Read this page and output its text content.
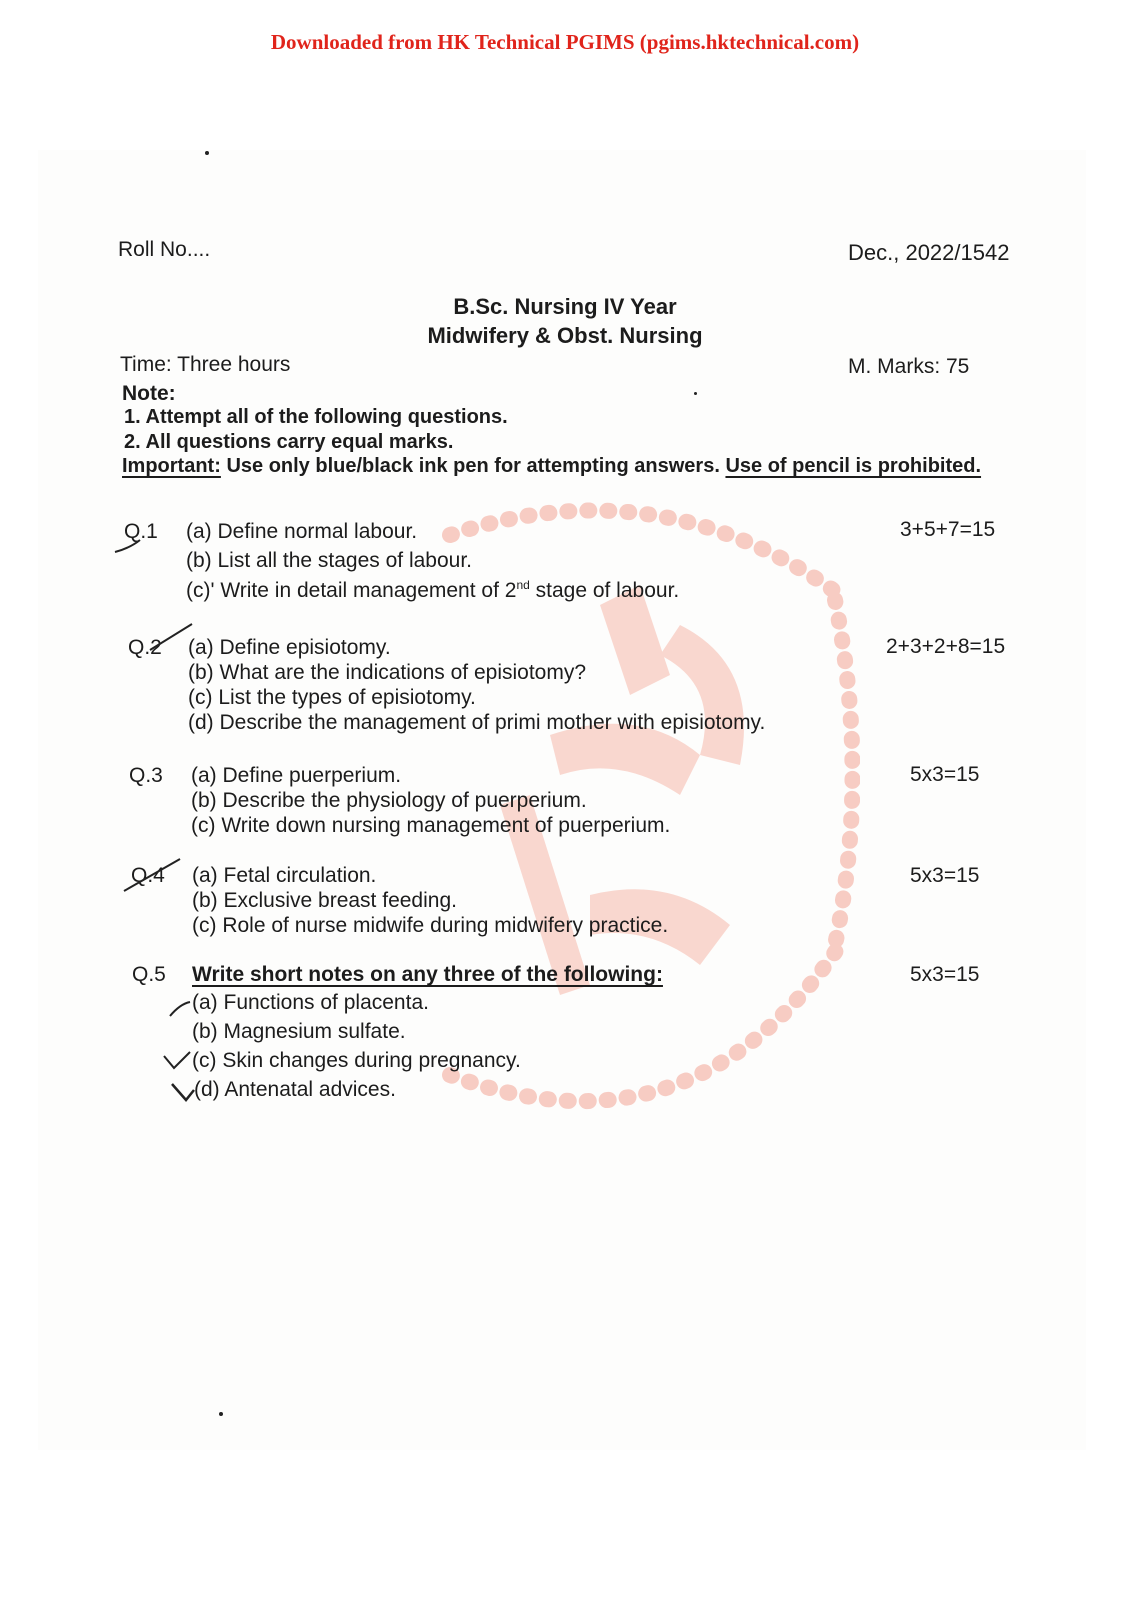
Downloaded from HK Technical PGIMS (pgims.hktechnical.com)
Roll No....	Dec., 2022/1542
B.Sc. Nursing IV Year
Midwifery & Obst. Nursing
Time: Three hours	M. Marks: 75
Note:
1. Attempt all of the following questions.
2. All questions carry equal marks.
Important: Use only blue/black ink pen for attempting answers. Use of pencil is prohibited.
Q.1 (a) Define normal labour.
(b) List all the stages of labour.
(c)' Write in detail management of 2nd stage of labour.
3+5+7=15
Q.2 (a) Define episiotomy.
(b) What are the indications of episiotomy?
(c) List the types of episiotomy.
(d) Describe the management of primi mother with episiotomy.
2+3+2+8=15
Q.3 (a) Define puerperium.
(b) Describe the physiology of puerperium.
(c) Write down nursing management of puerperium.
5x3=15
Q.4 (a) Fetal circulation.
(b) Exclusive breast feeding.
(c) Role of nurse midwife during midwifery practice.
5x3=15
Q.5 Write short notes on any three of the following:	5x3=15
(a) Functions of placenta.
(b) Magnesium sulfate.
(c) Skin changes during pregnancy.
(d) Antenatal advices.
